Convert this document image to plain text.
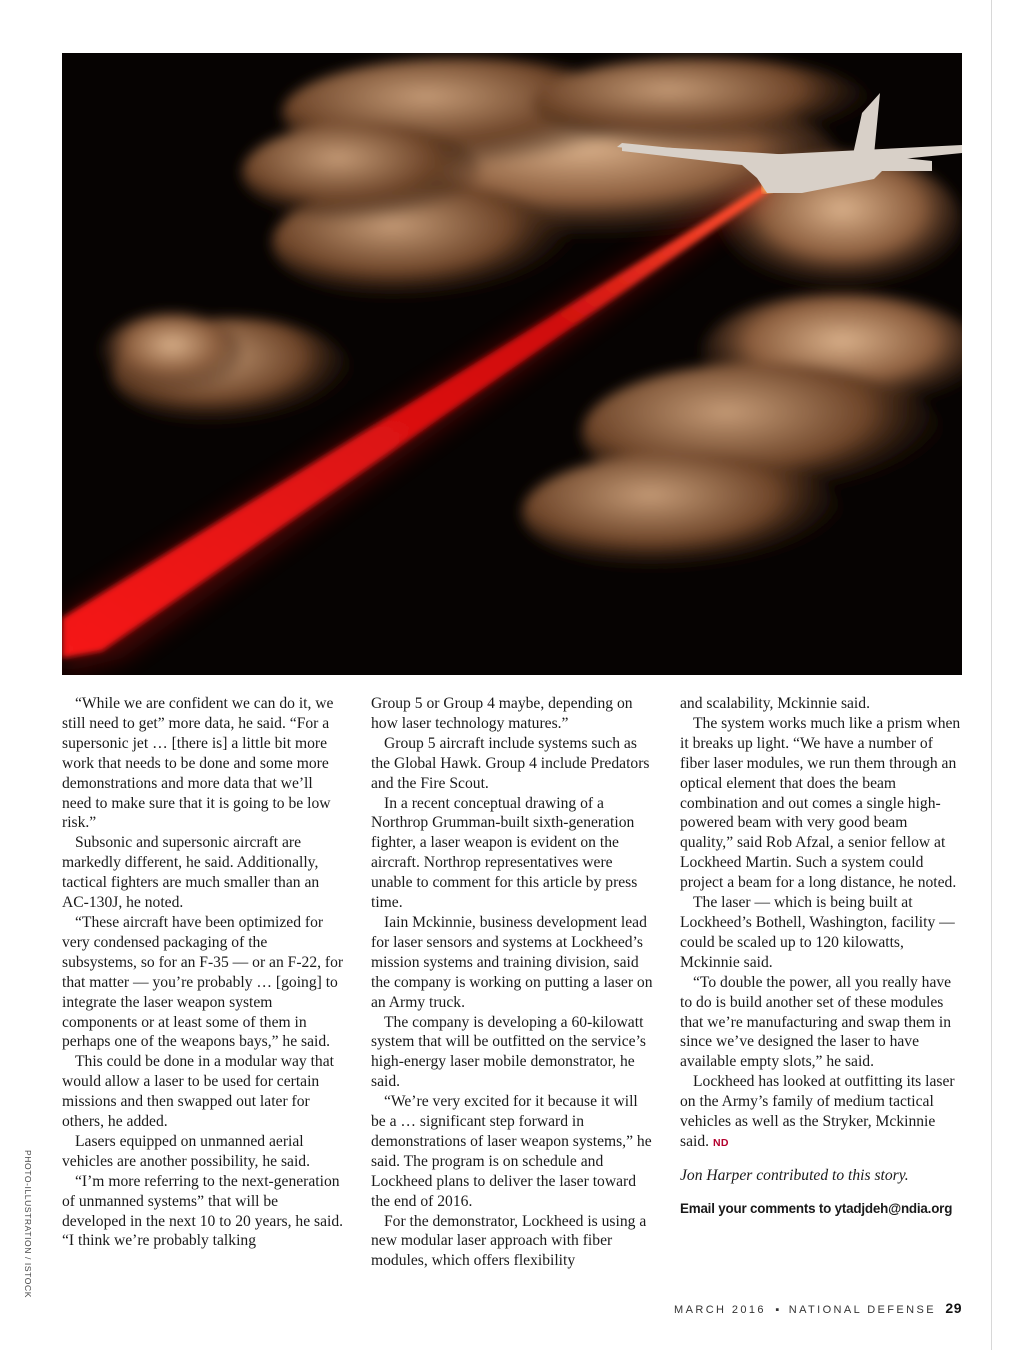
PHOTO-ILLUSTRATION / ISTOCK

“While we are confident we can do it, we still need to get” more data, he said. “For a supersonic jet … [there is] a little bit more work that needs to be done and some more demonstrations and more data that we’ll need to make sure that it is going to be low risk.”

Subsonic and supersonic aircraft are markedly different, he said. Additionally, tactical fighters are much smaller than an AC-130J, he noted.

“These aircraft have been optimized for very condensed packaging of the subsystems, so for an F-35 — or an F-22, for that matter — you’re probably … [going] to integrate the laser weapon system components or at least some of them in perhaps one of the weapons bays,” he said.

This could be done in a modular way that would allow a laser to be used for certain missions and then swapped out later for others, he added.

Lasers equipped on unmanned aerial vehicles are another possibility, he said.

“I’m more referring to the next-generation of unmanned systems” that will be developed in the next 10 to 20 years, he said. “I think we’re probably talking

Group 5 or Group 4 maybe, depending on how laser technology matures.”

Group 5 aircraft include systems such as the Global Hawk. Group 4 include Predators and the Fire Scout.

In a recent conceptual drawing of a Northrop Grumman-built sixth-generation fighter, a laser weapon is evident on the aircraft. Northrop representatives were unable to comment for this article by press time.

Iain Mckinnie, business development lead for laser sensors and systems at Lockheed’s mission systems and training division, said the company is working on putting a laser on an Army truck.

The company is developing a 60-kilowatt system that will be outfitted on the service’s high-energy laser mobile demonstrator, he said.

“We’re very excited for it because it will be a … significant step forward in demonstrations of laser weapon systems,” he said. The program is on schedule and Lockheed plans to deliver the laser toward the end of 2016.

For the demonstrator, Lockheed is using a new modular laser approach with fiber modules, which offers flexibility

and scalability, Mckinnie said.

The system works much like a prism when it breaks up light. “We have a number of fiber laser modules, we run them through an optical element that does the beam combination and out comes a single high-powered beam with very good beam quality,” said Rob Afzal, a senior fellow at Lockheed Martin. Such a system could project a beam for a long distance, he noted.

The laser — which is being built at Lockheed’s Bothell, Washington, facility — could be scaled up to 120 kilowatts, Mckinnie said.

“To double the power, all you really have to do is build another set of these modules that we’re manufacturing and swap them in since we’ve designed the laser to have available empty slots,” he said.

Lockheed has looked at outfitting its laser on the Army’s family of medium tactical vehicles as well as the Stryker, Mckinnie said. ND

Jon Harper contributed to this story.

Email your comments to ytadjdeh@ndia.org

MARCH 2016 ▪ NATIONAL DEFENSE 29
